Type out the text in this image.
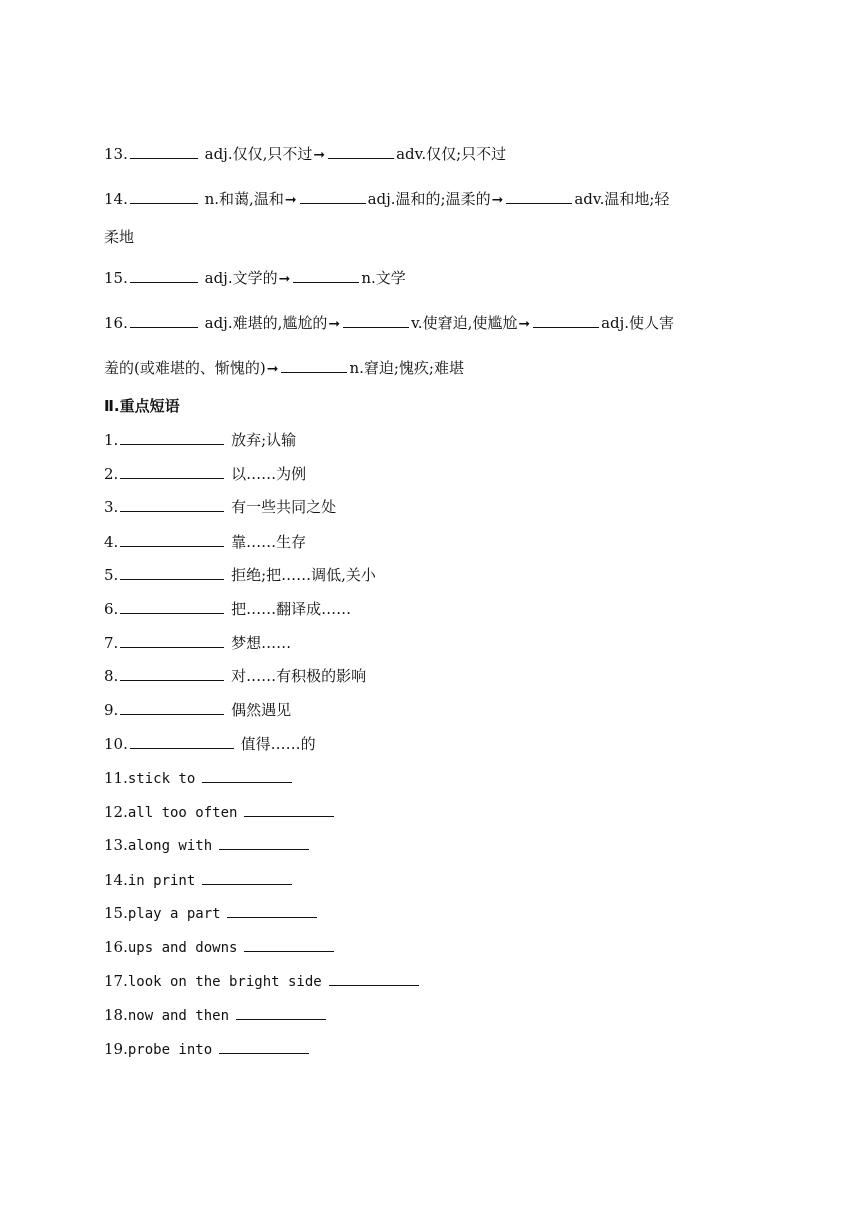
13.	adj.仅仅,只不过➞	adv.仅仅;只不过
14.	n.和蔼,温和➞	adj.温和的;温柔的➞	adv.温和地;轻
柔地
15.	adj.文学的➞	n.文学
16.	adj.难堪的,尴尬的➞	v.使窘迫,使尴尬➞	adj.使人害
羞的(或难堪的、惭愧的)➞	n.窘迫;愧疚;难堪
Ⅱ.重点短语
1.	放弃;认输
2.	以……为例
3.	有一些共同之处
4.	靠……生存
5.	拒绝;把……调低,关小
6.	把……翻译成……
7.	梦想……
8.	对……有积极的影响
9.	偶然遇见
10.	值得……的
11.stick to
12.all too often
13.along with
14.in print
15.play a part
16.ups and downs
17.look on the bright side
18.now and then
19.probe into
